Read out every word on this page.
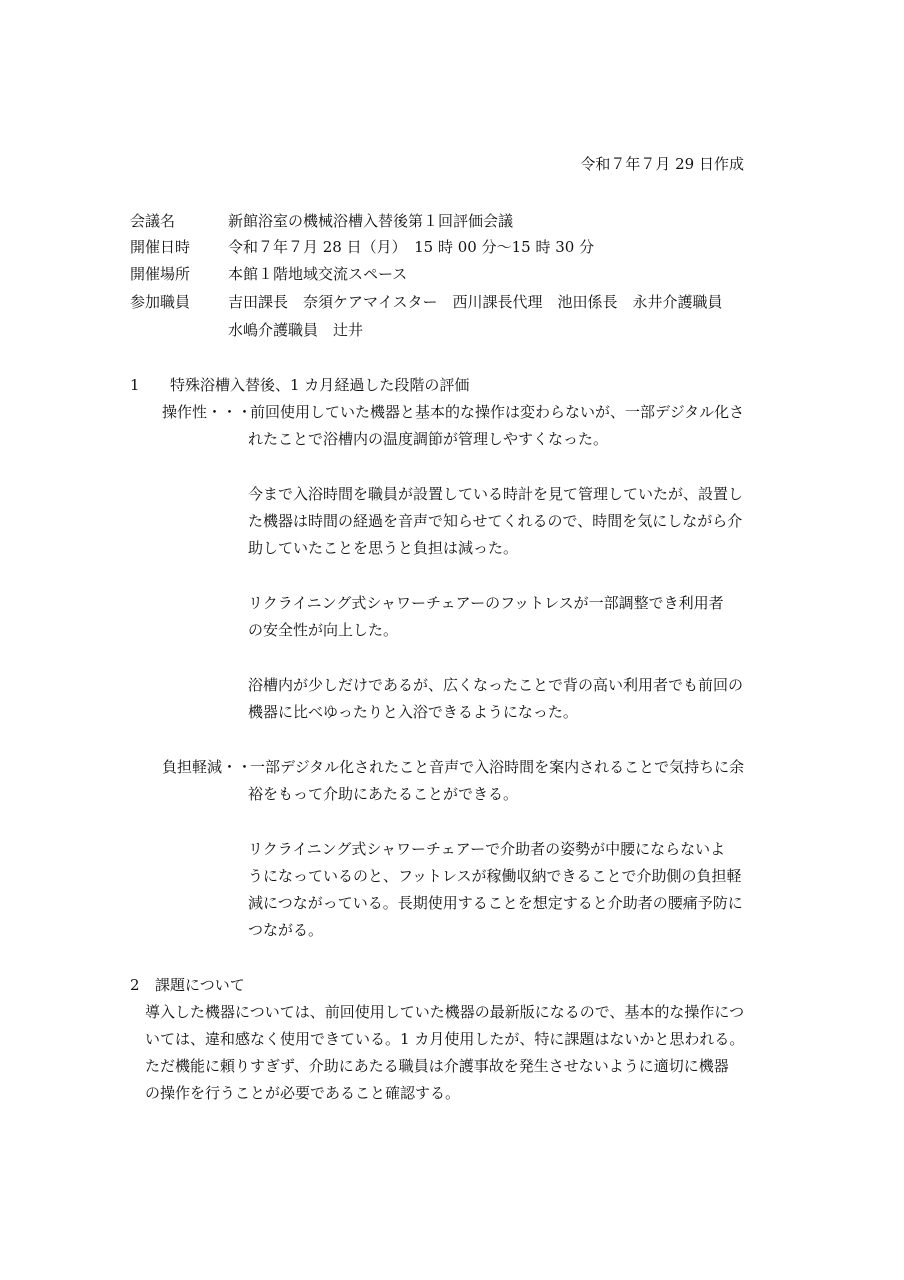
令和７年７月 29 日作成
会議名	新館浴室の機械浴槽入替後第１回評価会議
開催日時	令和７年７月 28 日（月）　15 時 00 分～15 時 30 分
開催場所	本館１階地域交流スペース
参加職員	吉田課長　奈須ケアマイスター　西川課長代理　池田係長　永井介護職員
水嶋介護職員　辻井
1 特殊浴槽入替後、1 カ月経過した段階の評価
操作性・・・
前回使用していた機器と基本的な操作は変わらないが、一部デジタル化さ
れたことで浴槽内の温度調節が管理しやすくなった。
今まで入浴時間を職員が設置している時計を見て管理していたが、設置し
た機器は時間の経過を音声で知らせてくれるので、時間を気にしながら介
助していたことを思うと負担は減った。
リクライニング式シャワーチェアーのフットレスが一部調整でき利用者
の安全性が向上した。
浴槽内が少しだけであるが、広くなったことで背の高い利用者でも前回の
機器に比べゆったりと入浴できるようになった。
負担軽減・・
一部デジタル化されたこと音声で入浴時間を案内されることで気持ちに余
裕をもって介助にあたることができる。
リクライニング式シャワーチェアーで介助者の姿勢が中腰にならないよ
うになっているのと、フットレスが稼働収納できることで介助側の負担軽
減につながっている。長期使用することを想定すると介助者の腰痛予防に
つながる。
2 課題について
導入した機器については、前回使用していた機器の最新版になるので、基本的な操作につ
いては、違和感なく使用できている。1 カ月使用したが、特に課題はないかと思われる。
ただ機能に頼りすぎず、介助にあたる職員は介護事故を発生させないように適切に機器
の操作を行うことが必要であること確認する。
